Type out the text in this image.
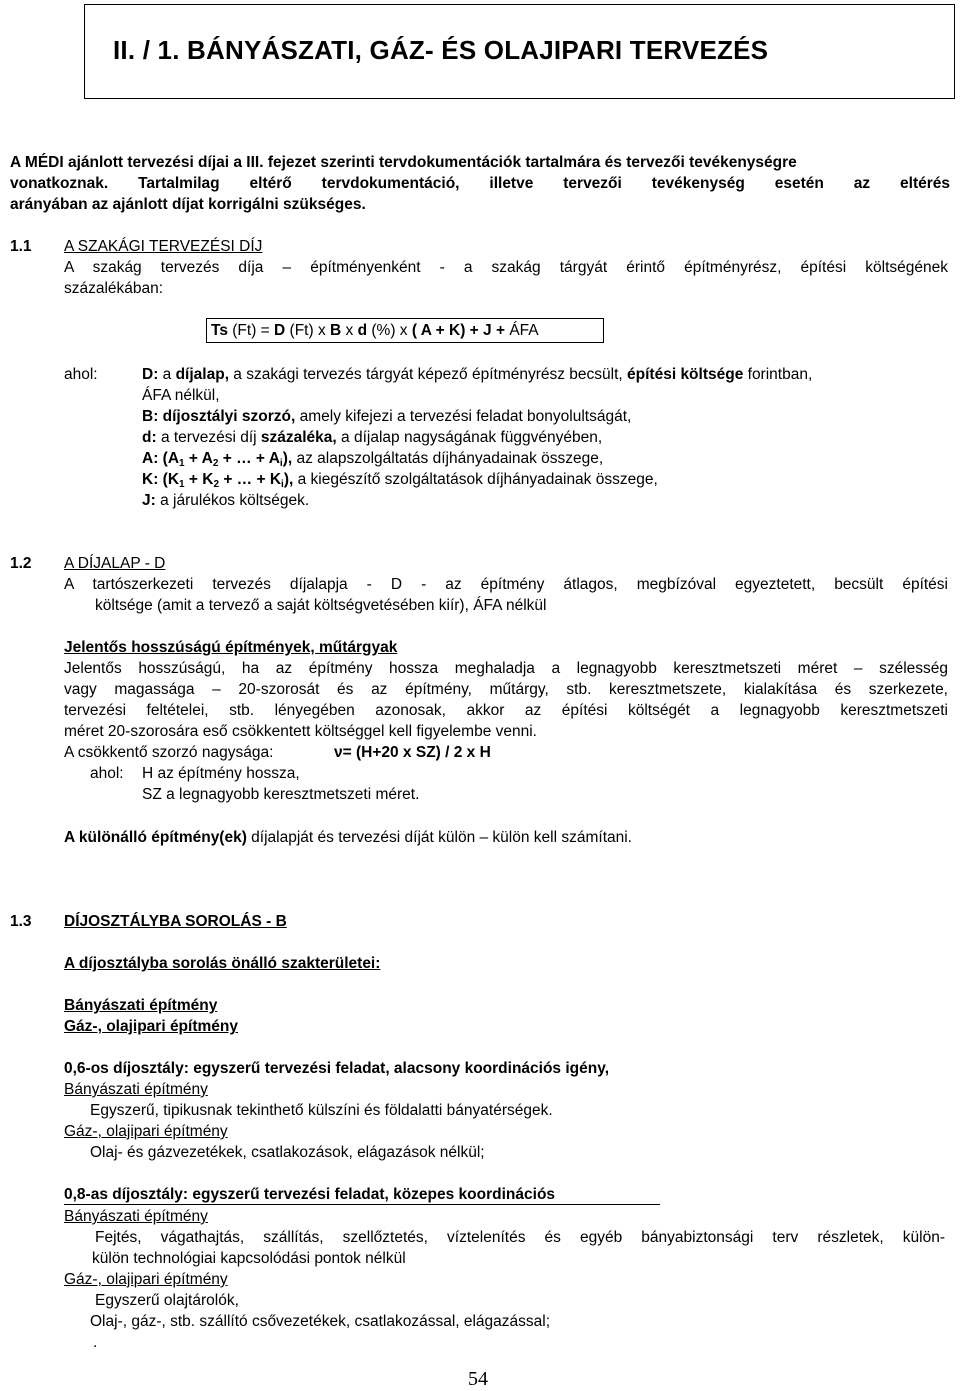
II. / 1. BÁNYÁSZATI, GÁZ- ÉS OLAJIPARI TERVEZÉS
A MÉDI ajánlott tervezési díjai a III. fejezet szerinti tervdokumentációk tartalmára és tervezői tevékenységre
vonatkoznak. Tartalmilag eltérő tervdokumentáció, illetve tervezői tevékenység esetén az eltérés
arányában az ajánlott díjat korrigálni szükséges.
1.1 A SZAKÁGI TERVEZÉSI DÍJ
A szakág tervezés díja – építményenként - a szakág tárgyát érintő építményrész, építési költségének
százalékában:
Ts (Ft) = D (Ft) x B x d (%) x ( A + K) + J + ÁFA
ahol:	D: a díjalap, a szakági tervezés tárgyát képező építményrész becsült, építési költsége forintban,
ÁFA nélkül,
B: díjosztályi szorzó, amely kifejezi a tervezési feladat bonyolultságát,
d: a tervezési díj százaléka, a díjalap nagyságának függvényében,
A: ($A_1 + A_2$ + … + $A_i$), az alapszolgáltatás díjhányadainak összege,
K: ($K_1 + K_2$ + … + $K_i$), a kiegészítő szolgáltatások díjhányadainak összege,
J: a járulékos költségek.
1.2 A DÍJALAP - D
A tartószerkezeti tervezés díjalapja - D - az építmény átlagos, megbízóval egyeztetett, becsült építési
költsége (amit a tervező a saját költségvetésében kiír), ÁFA nélkül
Jelentős hosszúságú építmények, műtárgyak
Jelentős hosszúságú, ha az építmény hossza meghaladja a legnagyobb keresztmetszeti méret – szélesség
vagy magassága – 20-szorosát és az építmény, műtárgy, stb. keresztmetszete, kialakítása és szerkezete,
tervezési feltételei, stb. lényegében azonosak, akkor az építési költségét a legnagyobb keresztmetszeti
méret 20-szorosára eső csökkentett költséggel kell figyelembe venni.
A csökkentő szorzó nagysága:	ν= (H+20 x SZ) / 2 x H
ahol: H az építmény hossza,
SZ a legnagyobb keresztmetszeti méret.
A különálló építmény(ek) díjalapját és tervezési díját külön – külön kell számítani.
1.3 DÍJOSZTÁLYBA SOROLÁS - B
A díjosztályba sorolás önálló szakterületei:
Bányászati építmény
Gáz-, olajipari építmény
0,6-os díjosztály: egyszerű tervezési feladat, alacsony koordinációs igény,
Bányászati építmény
Egyszerű, tipikusnak tekinthető külszíni és földalatti bányatérségek.
Gáz-, olajipari építmény
Olaj- és gázvezetékek, csatlakozások, elágazások nélkül;
0,8-as díjosztály: egyszerű tervezési feladat, közepes koordinációs
Bányászati építmény
Fejtés, vágathajtás, szállítás, szellőztetés, víztelenítés és egyéb bányabiztonsági terv részletek, külön-
külön technológiai kapcsolódási pontok nélkül
Gáz-, olajipari építmény
Egyszerű olajtárolók,
Olaj-, gáz-, stb. szállító csővezetékek, csatlakozással, elágazással;
.
54
